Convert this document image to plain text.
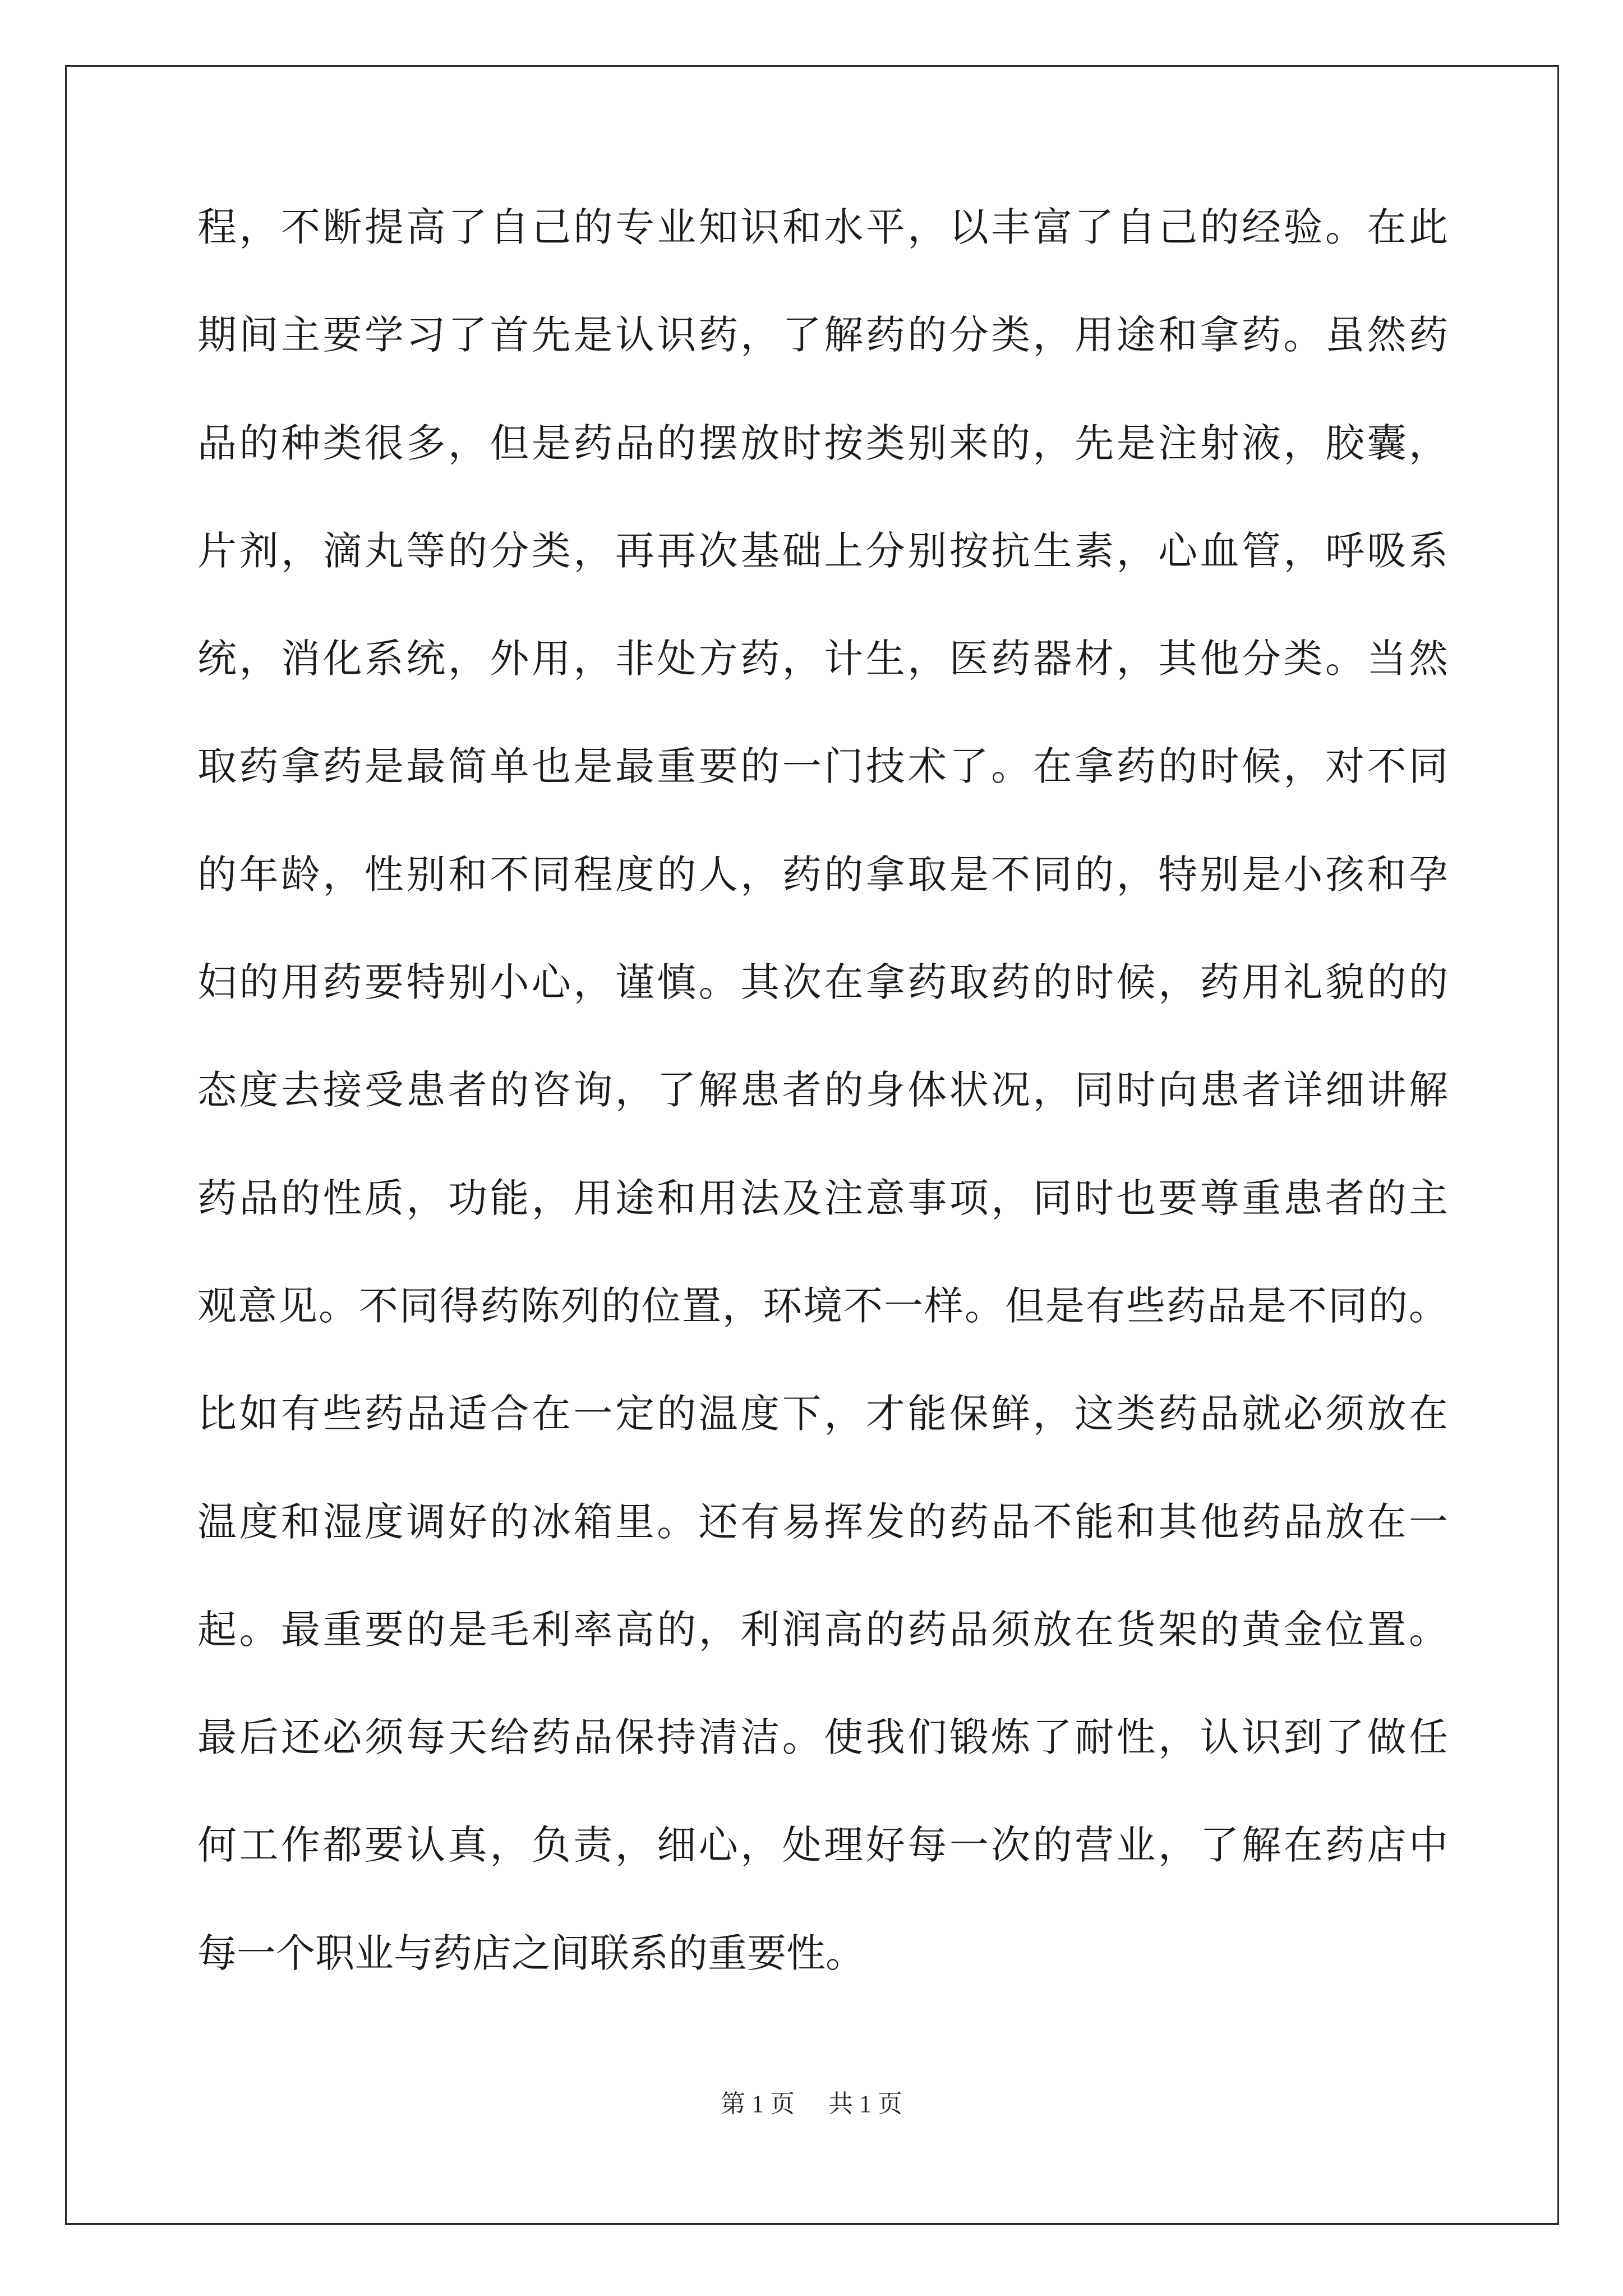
程，不断提高了自己的专业知识和水平，以丰富了自己的经验。在此
期间主要学习了首先是认识药，了解药的分类，用途和拿药。虽然药
品的种类很多，但是药品的摆放时按类别来的，先是注射液，胶囊，
片剂，滴丸等的分类，再再次基础上分别按抗生素，心血管，呼吸系
统，消化系统，外用，非处方药，计生，医药器材，其他分类。当然
取药拿药是最简单也是最重要的一门技术了。在拿药的时候，对不同
的年龄，性别和不同程度的人，药的拿取是不同的，特别是小孩和孕
妇的用药要特别小心，谨慎。其次在拿药取药的时候，药用礼貌的的
态度去接受患者的咨询，了解患者的身体状况，同时向患者详细讲解
药品的性质，功能，用途和用法及注意事项，同时也要尊重患者的主
观意见。不同得药陈列的位置，环境不一样。但是有些药品是不同的。
比如有些药品适合在一定的温度下，才能保鲜，这类药品就必须放在
温度和湿度调好的冰箱里。还有易挥发的药品不能和其他药品放在一
起。最重要的是毛利率高的，利润高的药品须放在货架的黄金位置。
最后还必须每天给药品保持清洁。使我们锻炼了耐性，认识到了做任
何工作都要认真，负责，细心，处理好每一次的营业，了解在药店中
每一个职业与药店之间联系的重要性。
第 1 页 共 1 页
